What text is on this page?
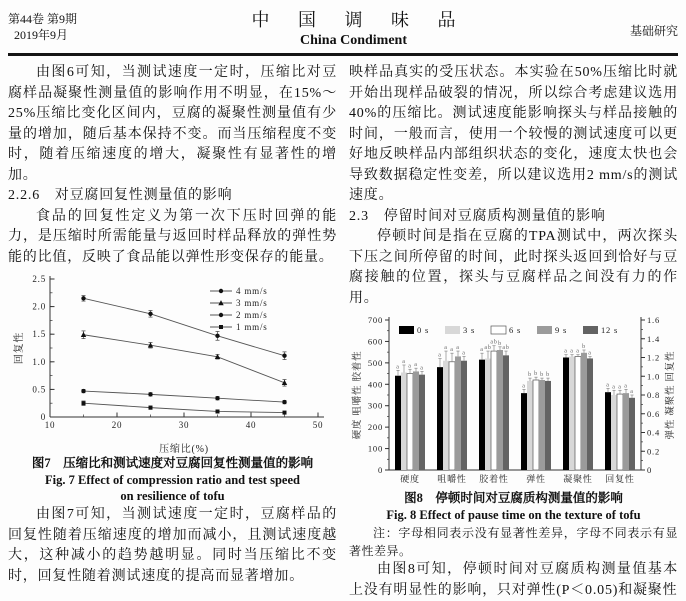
第44卷 第9期
2019年9月
中 国 调 味 品
China Condiment
基础研究

由图6可知，当测试速度一定时，压缩比对豆腐样品凝聚性测量值的影响作用不明显，在15%～25%压缩比变化区间内，豆腐的凝聚性测量值有少量的增加，随后基本保持不变。而当压缩程度不变时，随着压缩速度的增大，凝聚性有显著性的增加。

2.2.6　对豆腐回复性测量值的影响

食品的回复性定义为第一次下压时回弹的能力，是压缩时所需能量与返回时样品释放的弹性势能的比值，反映了食品能以弹性形变保存的能量。

0
0.5
1.0
1.5
2.0
2.5
10	20	30	40	50
压缩比(%)
回复性
4 mm/s
3 mm/s
2 mm/s
1 mm/s
图7　压缩比和测试速度对豆腐回复性测量值的影响
Fig. 7 Effect of compression ratio and test speed
on resilience of tofu

由图7可知，当测试速度一定时，豆腐样品的回复性随着压缩速度的增加而减小，且测试速度越大，这种减小的趋势越明显。同时当压缩比不变时，回复性随着测试速度的提高而显著增加。

映样品真实的受压状态。本实验在50%压缩比时就开始出现样品破裂的情况，所以综合考虑建议选用40%的压缩比。测试速度能影响探头与样品接触的时间，一般而言，使用一个较慢的测试速度可以更好地反映样品内部组织状态的变化，速度太快也会导致数据稳定性变差，所以建议选用2 mm/s的测试速度。

2.3　停留时间对豆腐质构测量值的影响

停顿时间是指在豆腐的TPA测试中，两次探头下压之间所停留的时间，此时探头返回到恰好与豆腐接触的位置，探头与豆腐样品之间没有力的作用。

0
100
200
300
400
500
600
700
0
0.2
0.4
0.6
0.8
1.0
1.2
1.4
1.6
硬度 咀嚼性 胶着性	弹性 凝聚性 回复性
a
a
a a
a
硬度
a
a a a
a
咀嚼性
a ab
ab b
ab
胶着性
a
b b b b
弹性
a a a
b
a
凝聚性
a a a a
a
回复性
0 s	3 s	6 s	9 s	12 s
图8　停顿时间对豆腐质构测量值的影响
Fig. 8 Effect of pause time on the texture of tofu

注：字母相同表示没有显著性差异，字母不同表示有显著性差异。

由图8可知，停顿时间对豆腐质构测量值基本上没有明显性的影响，只对弹性(P＜0.05)和凝聚性
